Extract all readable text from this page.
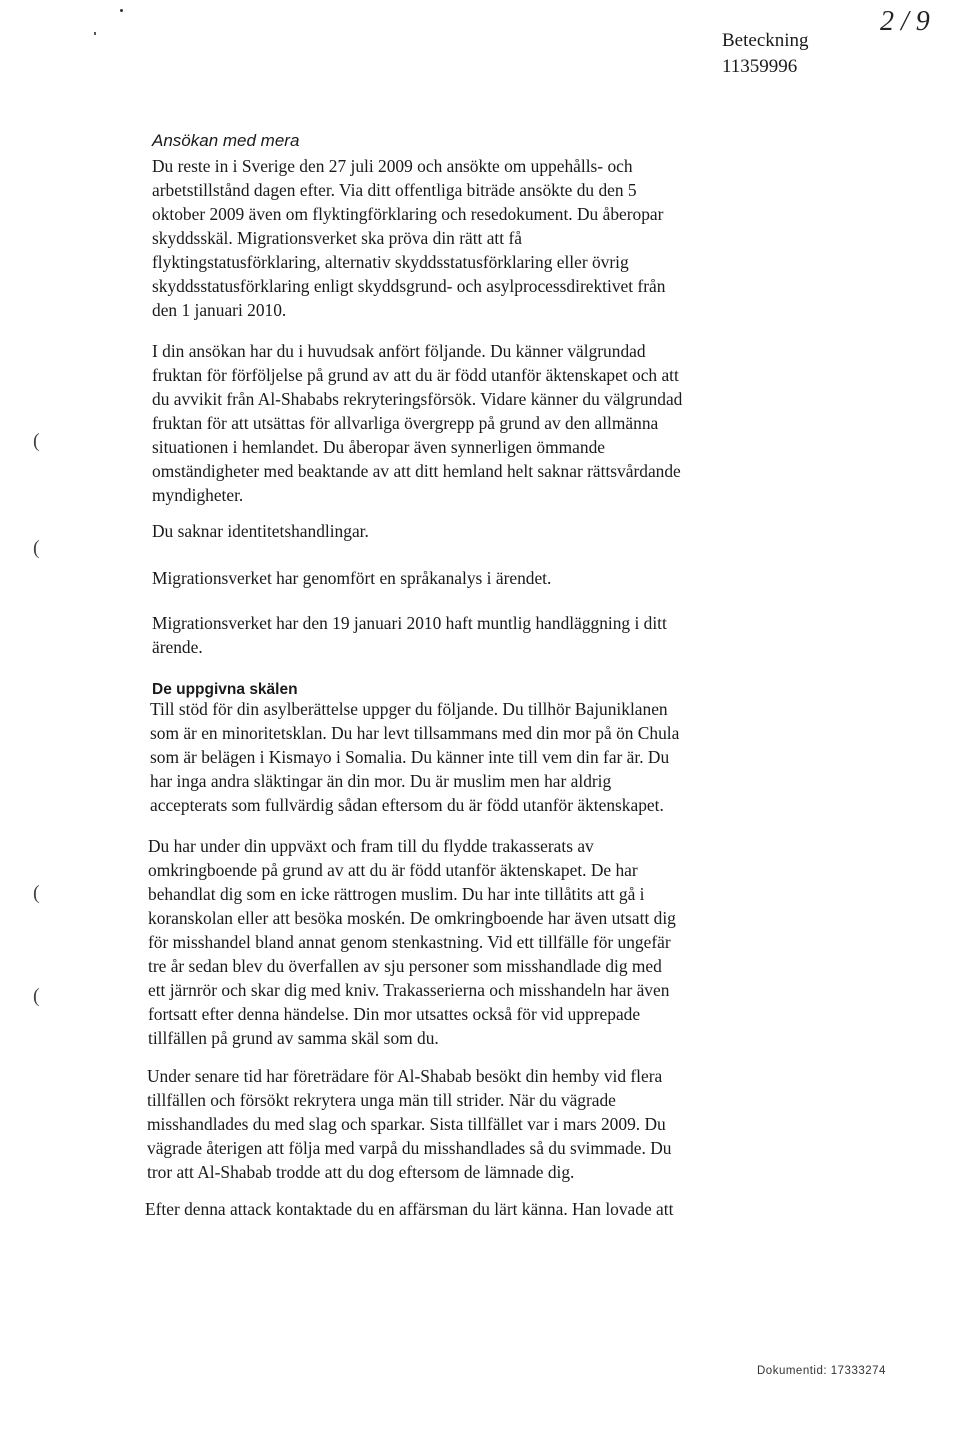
2 / 9
Beteckning
11359996
Ansökan med mera
Du reste in i Sverige den 27 juli 2009 och ansökte om uppehålls- och
arbetstillstånd dagen efter. Via ditt offentliga biträde ansökte du den 5
oktober 2009 även om flyktingförklaring och resedokument. Du åberopar
skyddsskäl. Migrationsverket ska pröva din rätt att få
flyktingstatusförklaring, alternativ skyddsstatusförklaring eller övrig
skyddsstatusförklaring enligt skyddsgrund- och asylprocessdirektivet från
den 1 januari 2010.
I din ansökan har du i huvudsak anfört följande. Du känner välgrundad
fruktan för förföljelse på grund av att du är född utanför äktenskapet och att
du avvikit från Al-Shababs rekryteringsförsök. Vidare känner du välgrundad
fruktan för att utsättas för allvarliga övergrepp på grund av den allmänna
situationen i hemlandet. Du åberopar även synnerligen ömmande
omständigheter med beaktande av att ditt hemland helt saknar rättsvårdande
myndigheter.
Du saknar identitetshandlingar.
Migrationsverket har genomfört en språkanalys i ärendet.
Migrationsverket har den 19 januari 2010 haft muntlig handläggning i ditt
ärende.
De uppgivna skälen
Till stöd för din asylberättelse uppger du följande. Du tillhör Bajuniklanen
som är en minoritetsklan. Du har levt tillsammans med din mor på ön Chula
som är belägen i Kismayo i Somalia. Du känner inte till vem din far är. Du
har inga andra släktingar än din mor. Du är muslim men har aldrig
accepterats som fullvärdig sådan eftersom du är född utanför äktenskapet.
Du har under din uppväxt och fram till du flydde trakasserats av
omkringboende på grund av att du är född utanför äktenskapet. De har
behandlat dig som en icke rättrogen muslim. Du har inte tillåtits att gå i
koranskolan eller att besöka moskén. De omkringboende har även utsatt dig
för misshandel bland annat genom stenkastning. Vid ett tillfälle för ungefär
tre år sedan blev du överfallen av sju personer som misshandlade dig med
ett järnrör och skar dig med kniv. Trakasserierna och misshandeln har även
fortsatt efter denna händelse. Din mor utsattes också för vid upprepade
tillfällen på grund av samma skäl som du.
Under senare tid har företrädare för Al-Shabab besökt din hemby vid flera
tillfällen och försökt rekrytera unga män till strider. När du vägrade
misshandlades du med slag och sparkar. Sista tillfället var i mars 2009. Du
vägrade återigen att följa med varpå du misshandlades så du svimmade. Du
tror att Al-Shabab trodde att du dog eftersom de lämnade dig.
Efter denna attack kontaktade du en affärsman du lärt känna. Han lovade att
(
(
(
(
Dokumentid: 17333274
